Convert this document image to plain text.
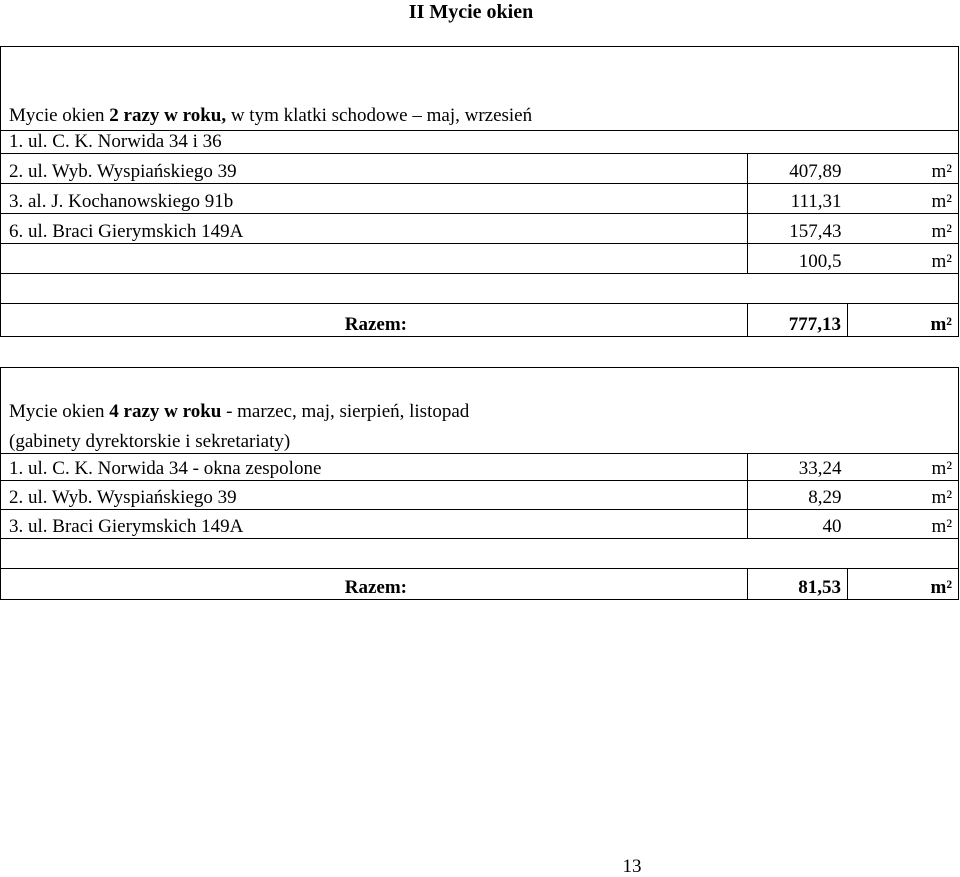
II Mycie okien
Mycie okien 2 razy w roku, w tym klatki schodowe – maj, wrzesień		
1. ul. C. K. Norwida 34 i 36		
2. ul. Wyb. Wyspiańskiego 39	407,89	m²
3. al. J. Kochanowskiego 91b	111,31	m²
6. ul. Braci Gierymskich 149A	157,43	m²
	100,5	m²

Razem:	777,13	m²
Mycie okien 4 razy w roku - marzec, maj, sierpień, listopad		
(gabinety dyrektorskie i sekretariaty)		
1. ul. C. K. Norwida 34 - okna zespolone	33,24	m²
2. ul. Wyb. Wyspiańskiego 39	8,29	m²
3. ul. Braci Gierymskich 149A	40	m²

Razem:	81,53	m²
13
